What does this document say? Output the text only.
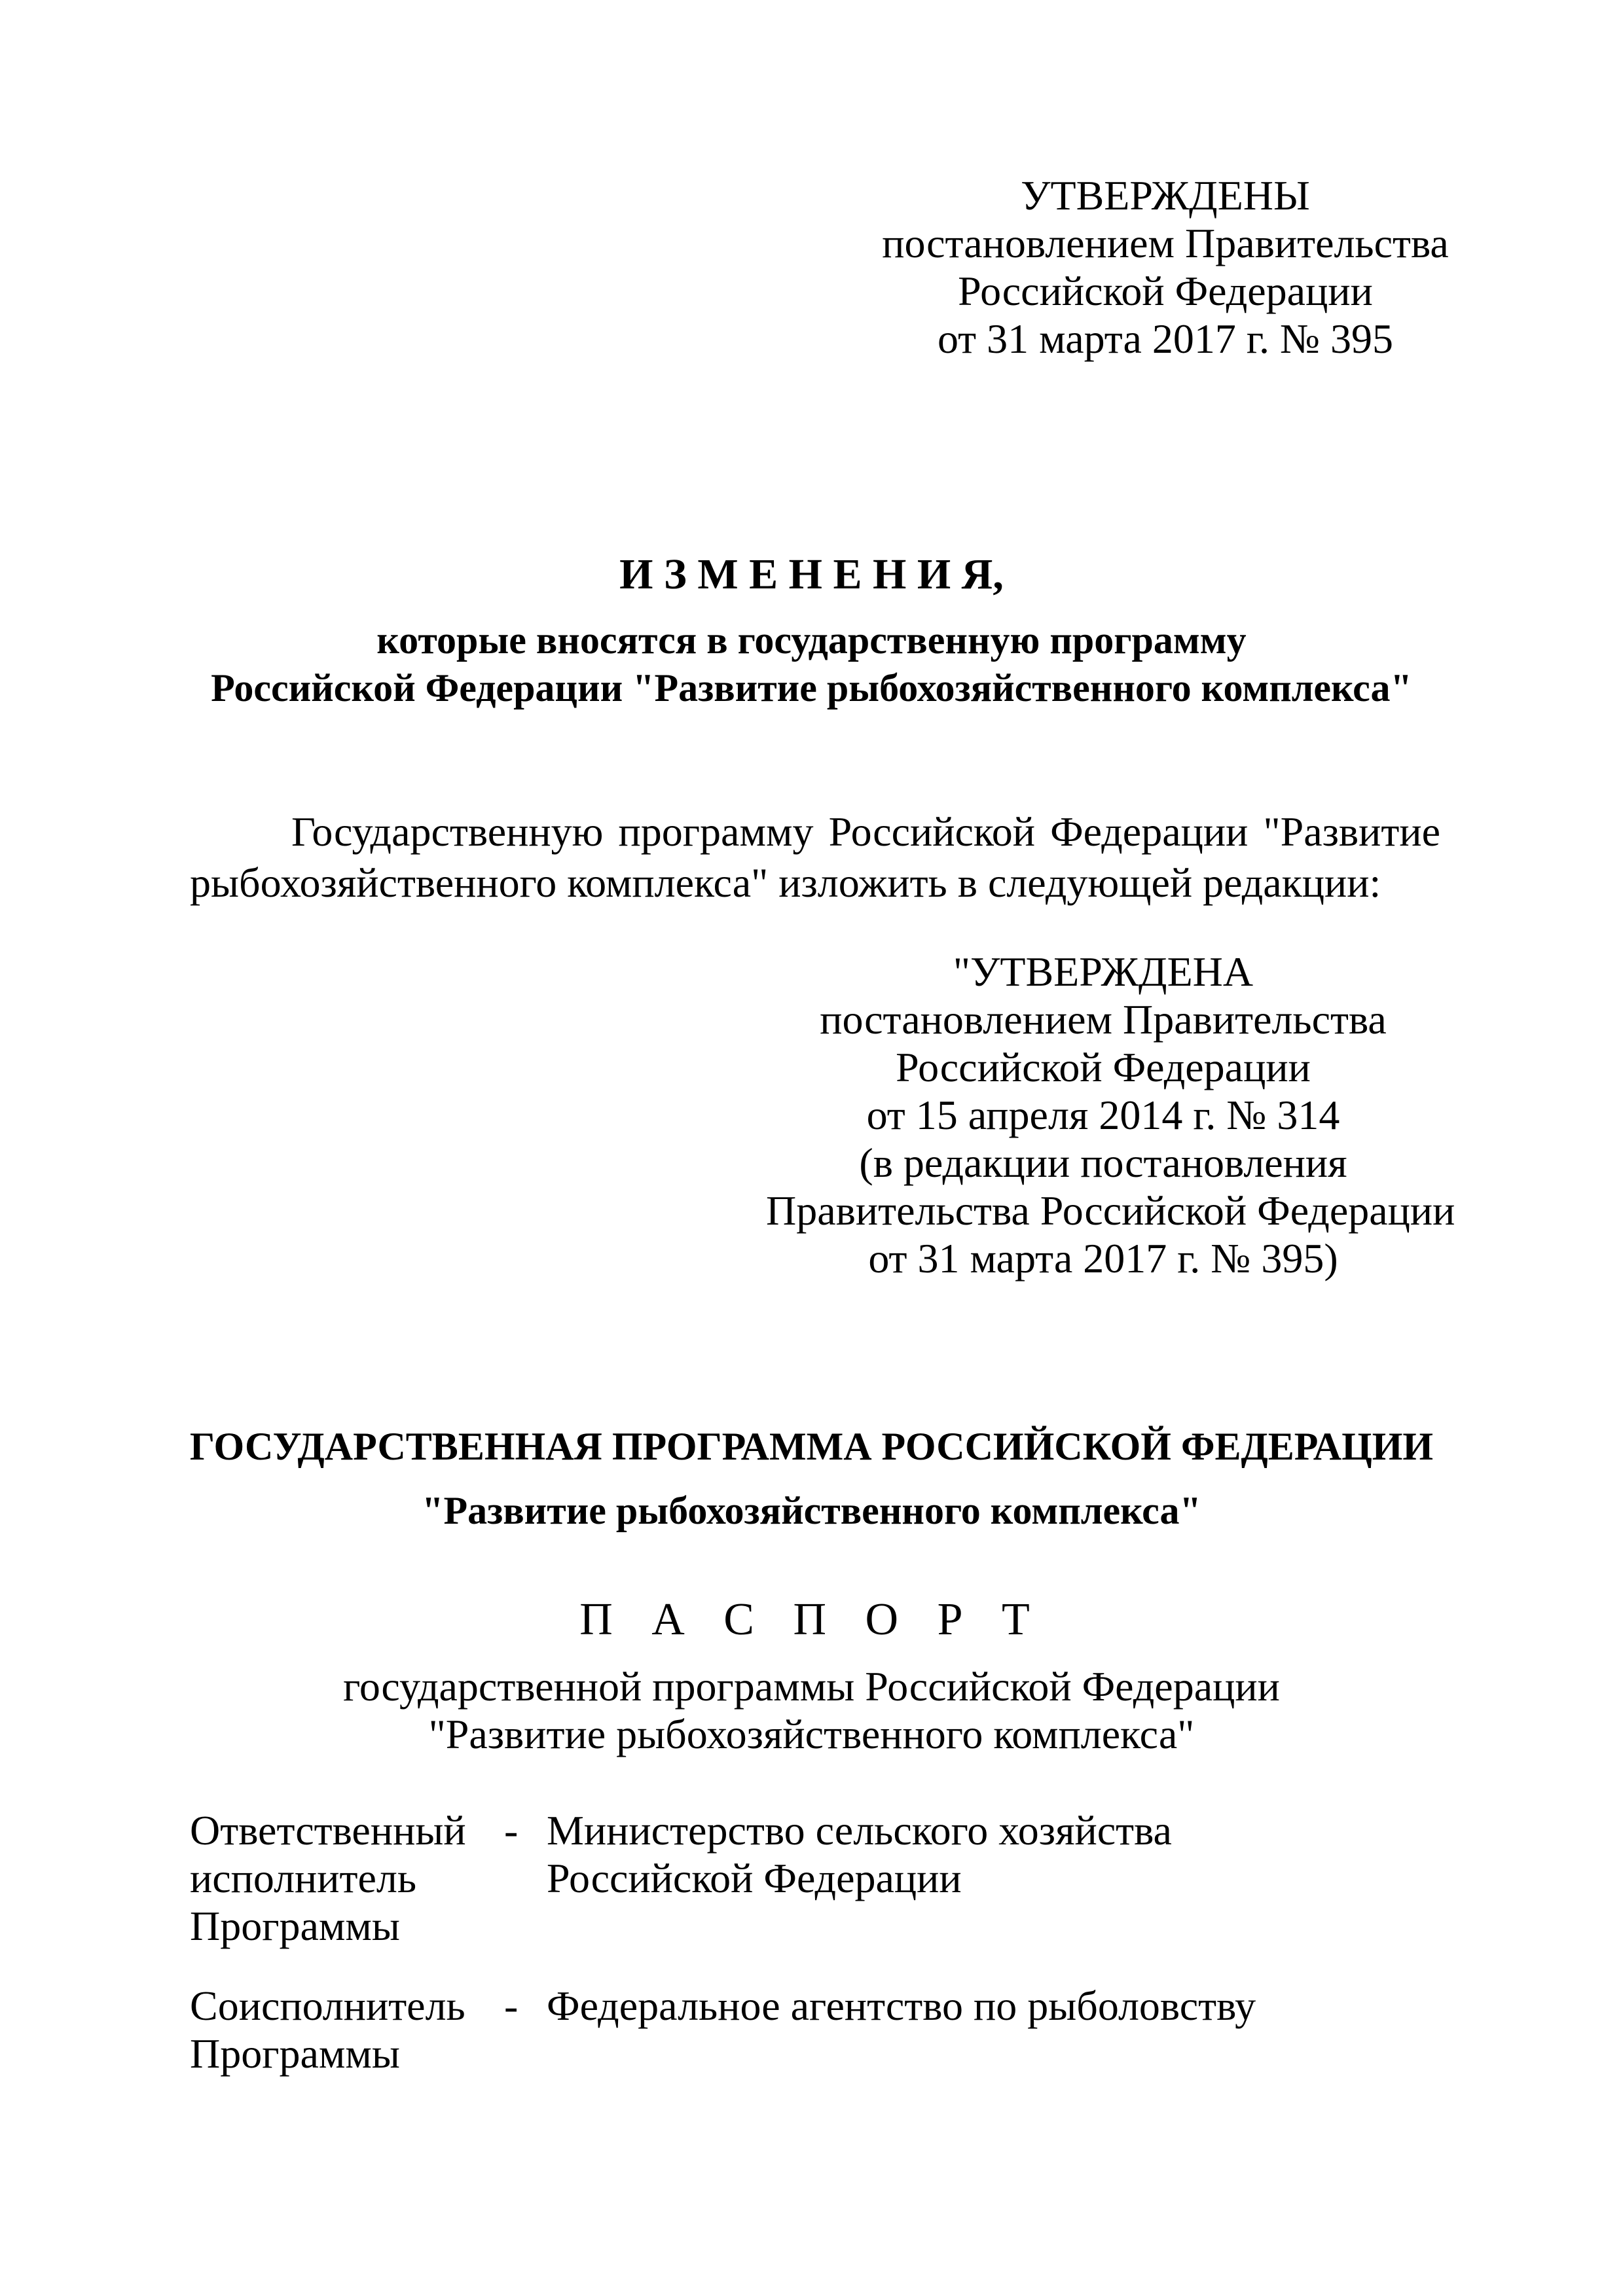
УТВЕРЖДЕНЫ
постановлением Правительства
Российской Федерации
от 31 марта 2017 г. № 395
И З М Е Н Е Н И Я,
которые вносятся в государственную программу
Российской Федерации "Развитие рыбохозяйственного комплекса"
Государственную программу Российской Федерации "Развитие
рыбохозяйственного комплекса" изложить в следующей редакции:
"УТВЕРЖДЕНА
постановлением Правительства
Российской Федерации
от 15 апреля 2014 г. № 314
(в редакции постановления
Правительства Российской Федерации
от 31 марта 2017 г. № 395)
ГОСУДАРСТВЕННАЯ ПРОГРАММА РОССИЙСКОЙ ФЕДЕРАЦИИ
"Развитие рыбохозяйственного комплекса"
П А С П О Р Т
государственной программы Российской Федерации
"Развитие рыбохозяйственного комплекса"
Ответственный
исполнитель
Программы
- Министерство сельского хозяйства
Российской Федерации
Соисполнитель
Программы
- Федеральное агентство по рыболовству
